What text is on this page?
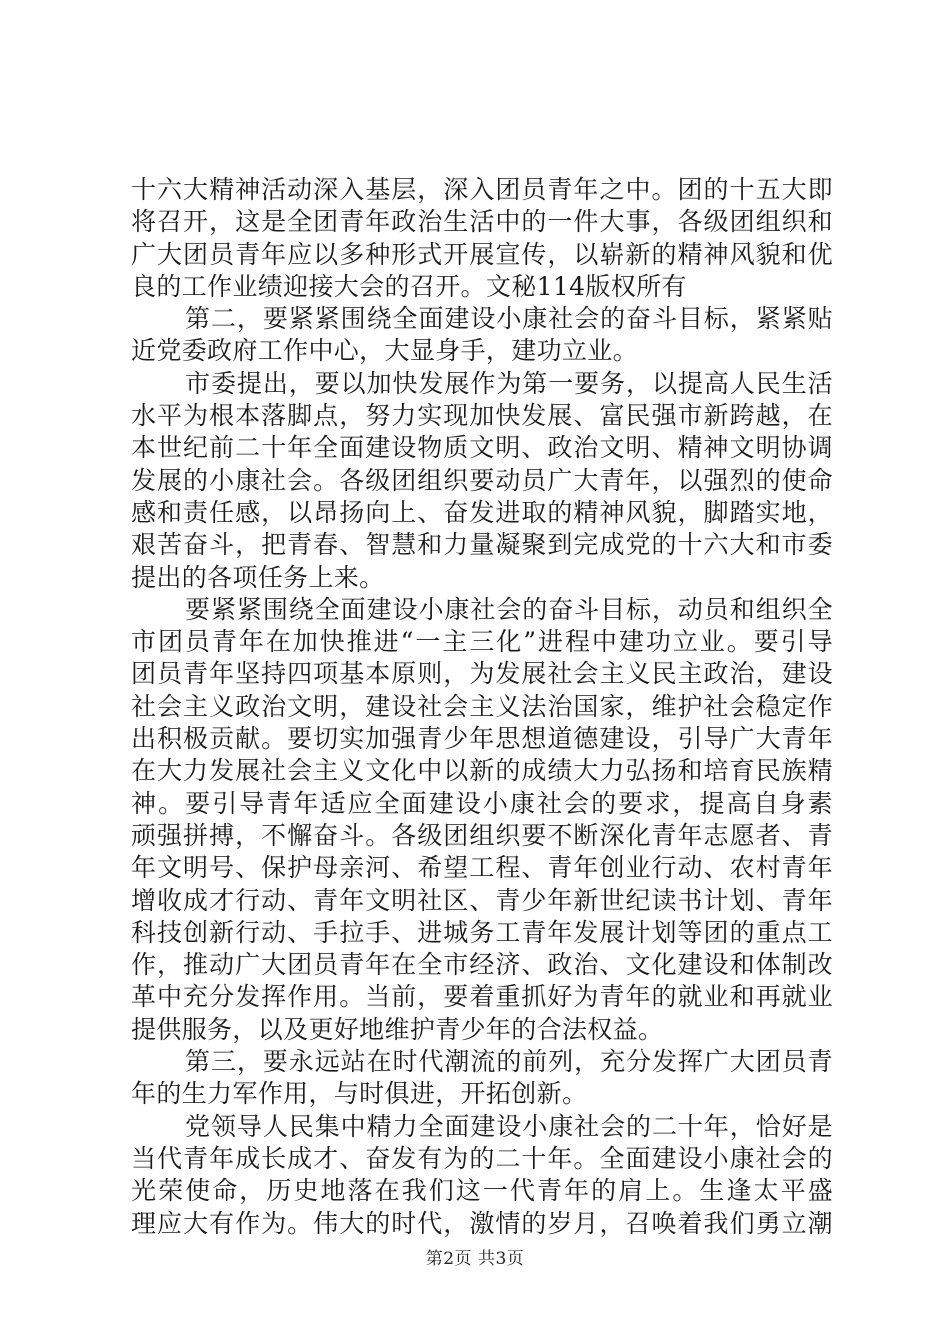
十六大精神活动深入基层，深入团员青年之中。团的十五大即
将召开，这是全团青年政治生活中的一件大事，各级团组织和
广大团员青年应以多种形式开展宣传，以崭新的精神风貌和优
良的工作业绩迎接大会的召开。文秘114版权所有
第二，要紧紧围绕全面建设小康社会的奋斗目标，紧紧贴
近党委政府工作中心，大显身手，建功立业。
市委提出，要以加快发展作为第一要务，以提高人民生活
水平为根本落脚点，努力实现加快发展、富民强市新跨越，在
本世纪前二十年全面建设物质文明、政治文明、精神文明协调
发展的小康社会。各级团组织要动员广大青年，以强烈的使命
感和责任感，以昂扬向上、奋发进取的精神风貌，脚踏实地，
艰苦奋斗，把青春、智慧和力量凝聚到完成党的十六大和市委
提出的各项任务上来。
要紧紧围绕全面建设小康社会的奋斗目标，动员和组织全
市团员青年在加快推进“一主三化”进程中建功立业。要引导
团员青年坚持四项基本原则，为发展社会主义民主政治，建设
社会主义政治文明，建设社会主义法治国家，维护社会稳定作
出积极贡献。要切实加强青少年思想道德建设，引导广大青年
在大力发展社会主义文化中以新的成绩大力弘扬和培育民族精
神。要引导青年适应全面建设小康社会的要求，提高自身素
顽强拼搏，不懈奋斗。各级团组织要不断深化青年志愿者、青
年文明号、保护母亲河、希望工程、青年创业行动、农村青年
增收成才行动、青年文明社区、青少年新世纪读书计划、青年
科技创新行动、手拉手、进城务工青年发展计划等团的重点工
作，推动广大团员青年在全市经济、政治、文化建设和体制改
革中充分发挥作用。当前，要着重抓好为青年的就业和再就业
提供服务，以及更好地维护青少年的合法权益。
第三，要永远站在时代潮流的前列，充分发挥广大团员青
年的生力军作用，与时俱进，开拓创新。
党领导人民集中精力全面建设小康社会的二十年，恰好是
当代青年成长成才、奋发有为的二十年。全面建设小康社会的
光荣使命，历史地落在我们这一代青年的肩上。生逢太平盛
理应大有作为。伟大的时代，激情的岁月，召唤着我们勇立潮
第2页 共3页
